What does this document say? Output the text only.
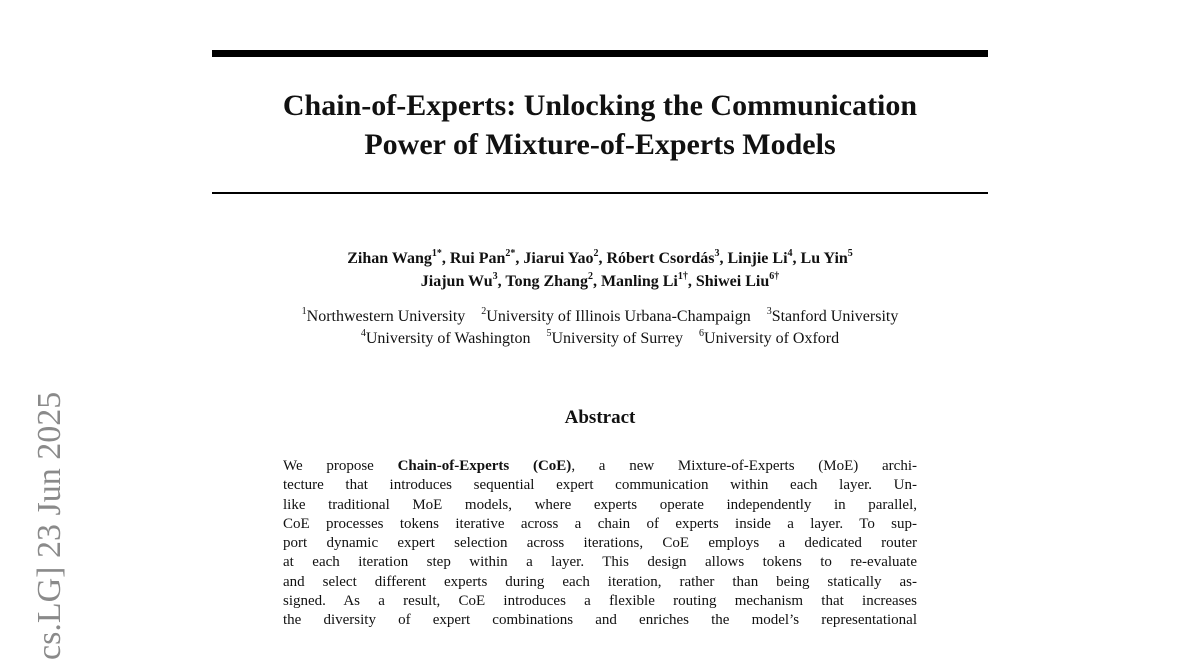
Chain-of-Experts: Unlocking the Communication
Power of Mixture-of-Experts Models
Zihan Wang$^{1*}$, Rui Pan$^{2*}$, Jiarui Yao$^2$, Róbert Csordás$^3$, Linjie Li$^4$, Lu Yin$^5$
Jiajun Wu$^3$, Tong Zhang$^2$, Manling $Li^{1\dagger}$, Shiwei Liu$^{6\dagger}$
$^1$Northwestern University $^2$University of Illinois Urbana-Champaign $^3$Stanford University
$^4$University of Washington $^5$University of Surrey $^6$University of Oxford
Abstract
We propose Chain-of-Experts (CoE), a new Mixture-of-Experts (MoE) archi-
tecture that introduces sequential expert communication within each layer. Un-
like traditional MoE models, where experts operate independently in parallel,
CoE processes tokens iterative across a chain of experts inside a layer. To sup-
port dynamic expert selection across iterations, CoE employs a dedicated router
at each iteration step within a layer. This design allows tokens to re-evaluate
and select different experts during each iteration, rather than being statically as-
signed. As a result, CoE introduces a flexible routing mechanism that increases
the diversity of expert combinations and enriches the model’s representational
cs.LG] 23 Jun 2025
